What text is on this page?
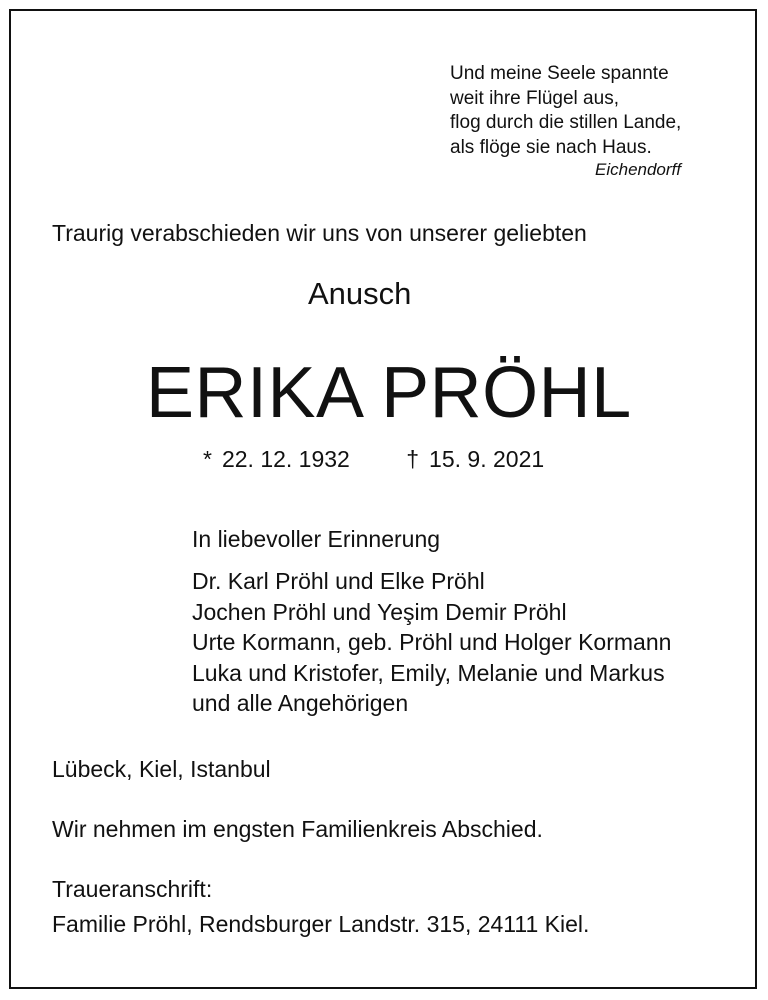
Und meine Seele spannte
weit ihre Flügel aus,
flog durch die stillen Lande,
als flöge sie nach Haus.
Eichendorff
Traurig verabschieden wir uns von unserer geliebten
Anusch
ERIKA PRÖHL
* 22. 12. 1932 † 15. 9. 2021
In liebevoller Erinnerung
Dr. Karl Pröhl und Elke Pröhl
Jochen Pröhl und Yeşim Demir Pröhl
Urte Kormann, geb. Pröhl und Holger Kormann
Luka und Kristofer, Emily, Melanie und Markus
und alle Angehörigen
Lübeck, Kiel, Istanbul
Wir nehmen im engsten Familienkreis Abschied.
Traueranschrift:
Familie Pröhl, Rendsburger Landstr. 315, 24111 Kiel.
